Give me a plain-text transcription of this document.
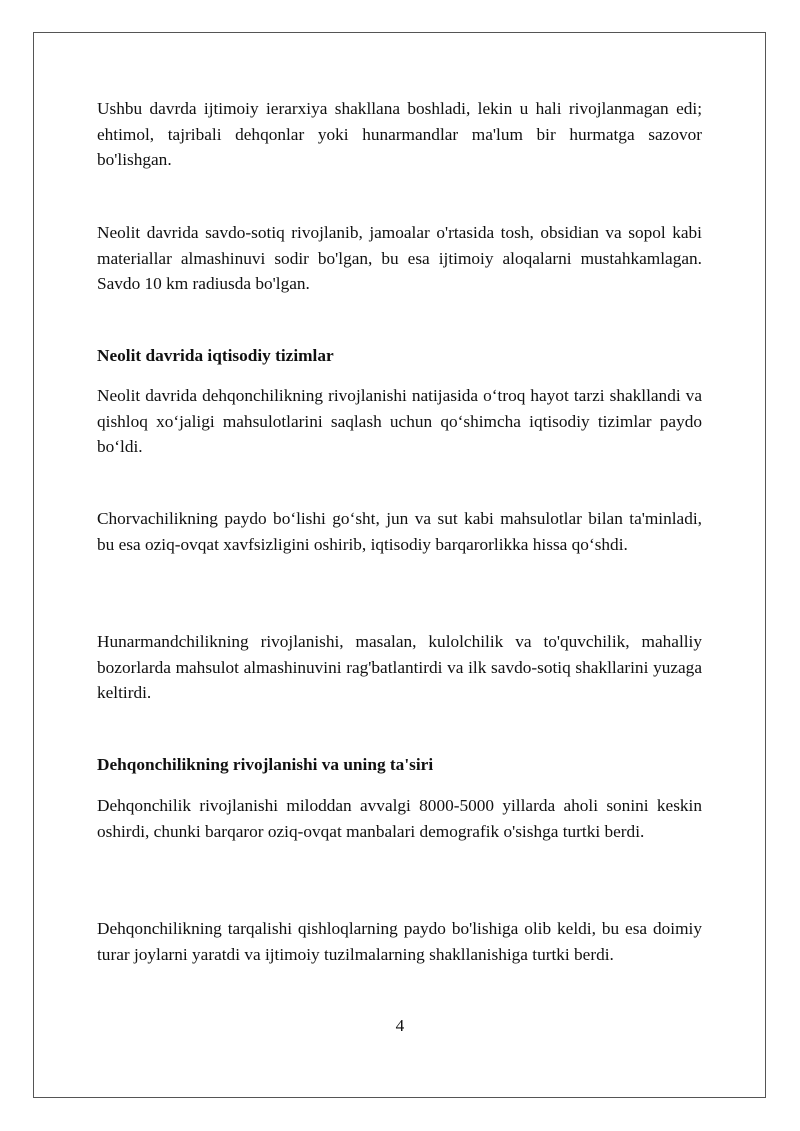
Ushbu davrda ijtimoiy ierarxiya shakllana boshladi, lekin u hali rivojlanmagan edi; ehtimol, tajribali dehqonlar yoki hunarmandlar ma'lum bir hurmatga sazovor bo'lishgan.

Neolit davrida savdo-sotiq rivojlanib, jamoalar o'rtasida tosh, obsidian va sopol kabi materiallar almashinuvi sodir bo'lgan, bu esa ijtimoiy aloqalarni mustahkamlagan. Savdo 10 km radiusda bo'lgan.

Neolit davrida iqtisodiy tizimlar

Neolit davrida dehqonchilikning rivojlanishi natijasida o‘troq hayot tarzi shakllandi va qishloq xo‘jaligi mahsulotlarini saqlash uchun qo‘shimcha iqtisodiy tizimlar paydo bo‘ldi.

Chorvachilikning paydo bo‘lishi go‘sht, jun va sut kabi mahsulotlar bilan ta'minladi, bu esa oziq-ovqat xavfsizligini oshirib, iqtisodiy barqarorlikka hissa qo‘shdi.

Hunarmandchilikning rivojlanishi, masalan, kulolchilik va to'quvchilik, mahalliy bozorlarda mahsulot almashinuvini rag'batlantirdi va ilk savdo-sotiq shakllarini yuzaga keltirdi.

Dehqonchilikning rivojlanishi va uning ta'siri

Dehqonchilik rivojlanishi miloddan avvalgi 8000-5000 yillarda aholi sonini keskin oshirdi, chunki barqaror oziq-ovqat manbalari demografik o'sishga turtki berdi.

Dehqonchilikning tarqalishi qishloqlarning paydo bo'lishiga olib keldi, bu esa doimiy turar joylarni yaratdi va ijtimoiy tuzilmalarning shakllanishiga turtki berdi.

4
